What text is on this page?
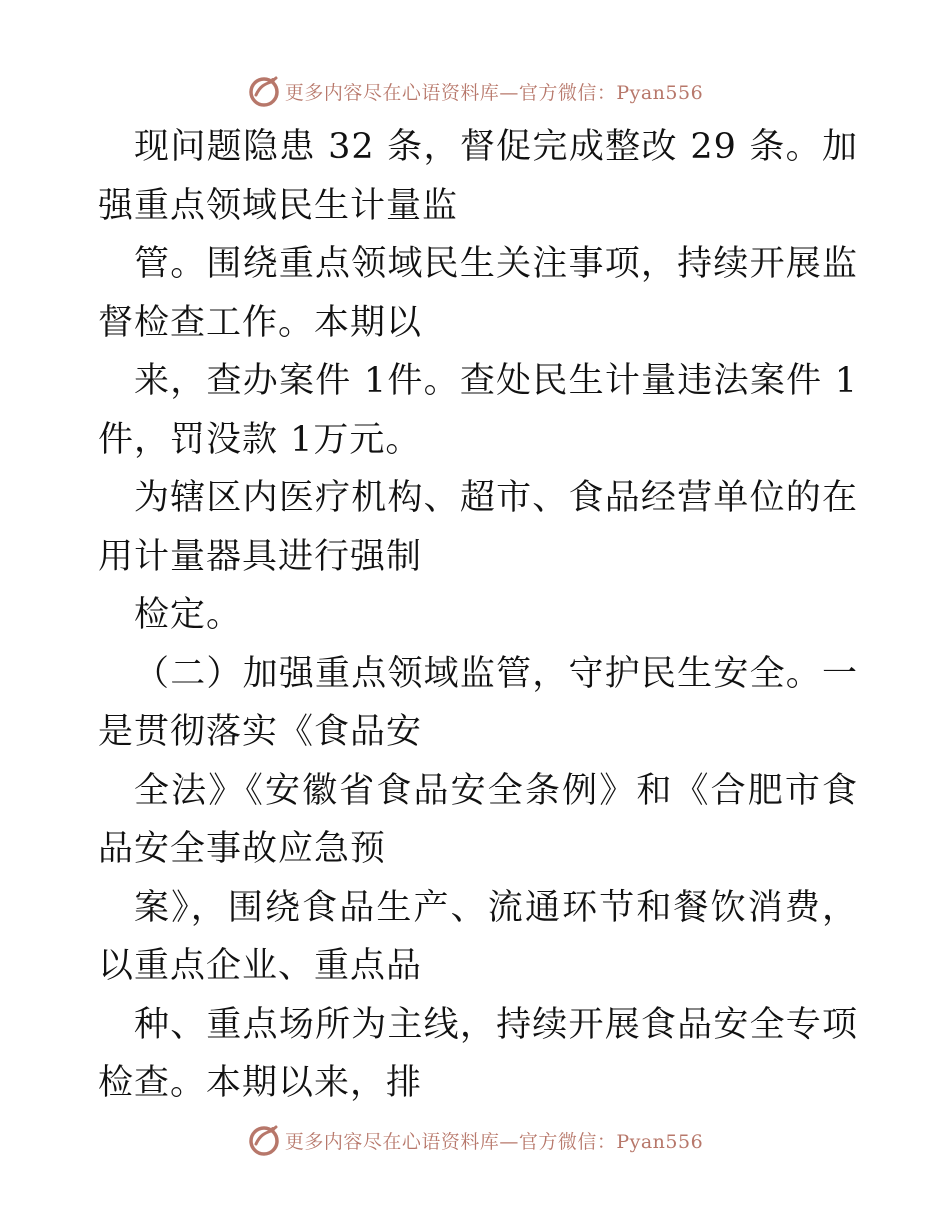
更多内容尽在心语资料库—官方微信：Pyan556

现问题隐患 32 条，督促完成整改 29 条。加强重点领域民生计量监

管。围绕重点领域民生关注事项，持续开展监督检查工作。本期以

来，查办案件 1件。查处民生计量违法案件 1件，罚没款 1万元。

为辖区内医疗机构、超市、食品经营单位的在用计量器具进行强制

检定。

（二）加强重点领域监管，守护民生安全。一是贯彻落实《食品安

全法》《安徽省食品安全条例》和《合肥市食品安全事故应急预

案》，围绕食品生产、流通环节和餐饮消费，以重点企业、重点品

种、重点场所为主线，持续开展食品安全专项检查。本期以来，排

更多内容尽在心语资料库—官方微信：Pyan556
